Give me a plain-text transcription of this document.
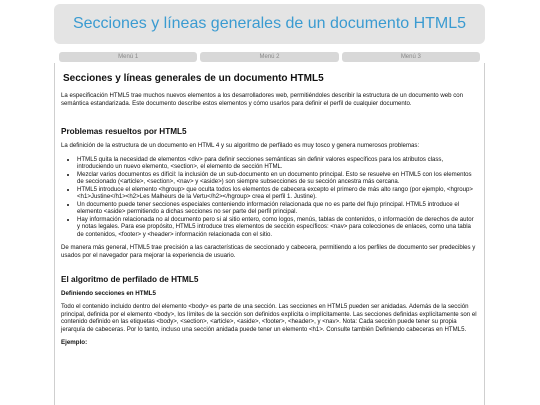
Secciones y líneas generales de un documento HTML5
Menú 1	Menú 2	Menú 3
Secciones y líneas generales de un documento HTML5

La especificación HTML5 trae muchos nuevos elementos a los desarrolladores web, permitiéndoles describir la estructura de un documento web con semántica estandarizada. Este documento describe estos elementos y cómo usarlos para definir el perfil de cualquier documento.

Problemas resueltos por HTML5

La definición de la estructura de un documento en HTML 4 y su algoritmo de perfilado es muy tosco y genera numerosos problemas:

• HTML5 quita la necesidad de elementos <div> para definir secciones semánticas sin definir valores específicos para los atributos class, introduciendo un nuevo elemento, <section>, el elemento de sección HTML.
• Mezclar varios documentos es difícil: la inclusión de un sub-documento en un documento principal. Esto se resuelve en HTML5 con los elementos de seccionado (<article>, <section>, <nav> y <aside>) son siempre subsecciones de su sección ancestra más cercana.
• HTML5 introduce el elemento <hgroup> que oculta todos los elementos de cabecera excepto el primero de más alto rango (por ejemplo, <hgroup><h1>Justine</h1><h2>Les Malheurs de la Vertu</h2></hgroup> crea el perfil 1. Justine).
• Un documento puede tener secciones especiales conteniendo información relacionada que no es parte del flujo principal. HTML5 introduce el elemento <aside> permitiendo a dichas secciones no ser parte del perfil principal.
• Hay información relacionada no al documento pero si al sitio entero, como logos, menús, tablas de contenidos, o información de derechos de autor y notas legales. Para ese propósito, HTML5 introduce tres elementos de sección específicos: <nav> para colecciones de enlaces, como una tabla de contenidos, <footer> y <header> información relacionada con el sitio.

De manera más general, HTML5 trae precisión a las características de seccionado y cabecera, permitiendo a los perfiles de documento ser predecibles y usados por el navegador para mejorar la experiencia de usuario.

El algoritmo de perfilado de HTML5
Definiendo secciones en HTML5

Todo el contenido incluido dentro del elemento <body> es parte de una sección. Las secciones en HTML5 pueden ser anidadas. Además de la sección principal, definida por el elemento <body>, los límites de la sección son definidos explícita o implícitamente. Las secciones definidas explícitamente son el contenido definido en las etiquetas <body>, <section>, <article>, <aside>, <footer>, <header>, y <nav>. Nota: Cada sección puede tener su propia jerarquía de cabeceras. Por lo tanto, incluso una sección anidada puede tener un elemento <h1>. Consulte también Definiendo cabeceras en HTML5.

Ejemplo:
